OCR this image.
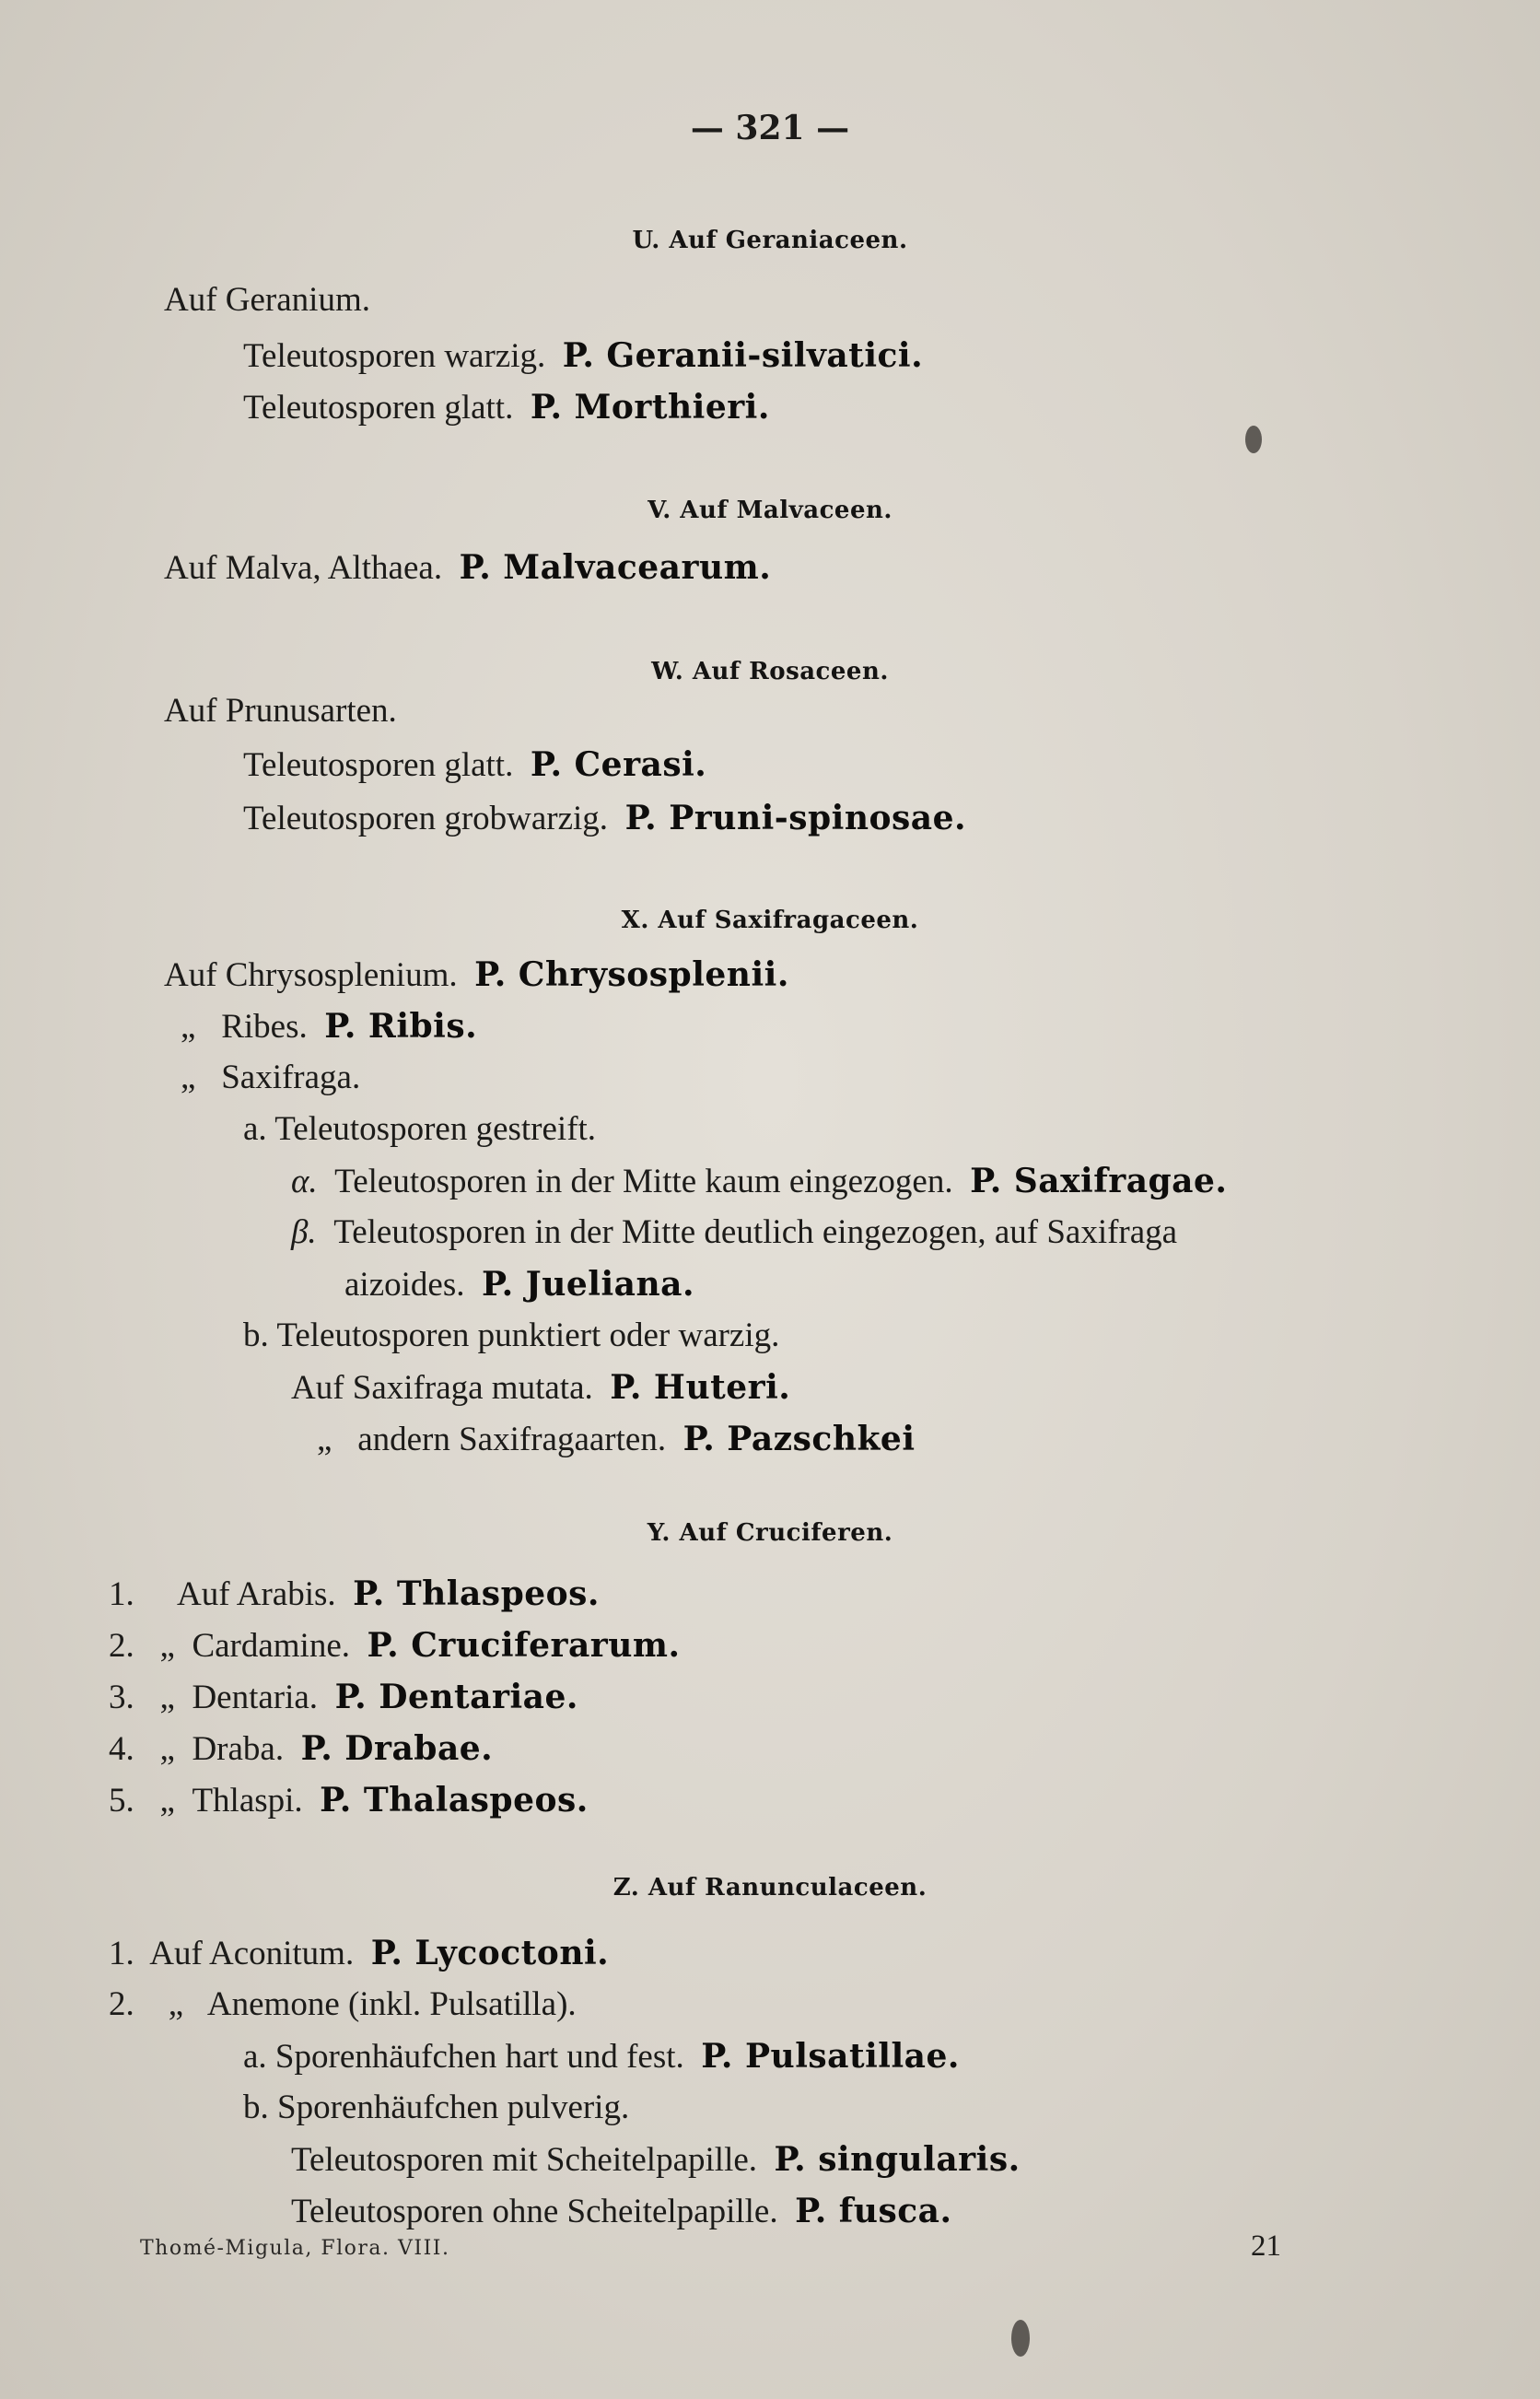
— 321 —
U. Auf Geraniaceen.
Auf Geranium.
Teleutosporen warzig. P. Geranii-silvatici.
Teleutosporen glatt. P. Morthieri.
V. Auf Malvaceen.
Auf Malva, Althaea. P. Malvacearum.
W. Auf Rosaceen.
Auf Prunusarten.
Teleutosporen glatt. P. Cerasi.
Teleutosporen grobwarzig. P. Pruni-spinosae.
X. Auf Saxifragaceen.
Auf Chrysosplenium. P. Chrysosplenii.
„ Ribes. P. Ribis.
„ Saxifraga.
a. Teleutosporen gestreift.
α. Teleutosporen in der Mitte kaum eingezogen. P. Saxifragae.
β. Teleutosporen in der Mitte deutlich eingezogen, auf Saxifraga
aizoides. P. Jueliana.
b. Teleutosporen punktiert oder warzig.
Auf Saxifraga mutata. P. Huteri.
„ andern Saxifragaarten. P. Pazschkei
Y. Auf Cruciferen.
1. Auf Arabis. P. Thlaspeos.
2. „ Cardamine. P. Cruciferarum.
3. „ Dentaria. P. Dentariae.
4. „ Draba. P. Drabae.
5. „ Thlaspi. P. Thalaspeos.
Z. Auf Ranunculaceen.
1. Auf Aconitum. P. Lycoctoni.
2. „ Anemone (inkl. Pulsatilla).
a. Sporenhäufchen hart und fest. P. Pulsatillae.
b. Sporenhäufchen pulverig.
Teleutosporen mit Scheitelpapille. P. singularis.
Teleutosporen ohne Scheitelpapille. P. fusca.
Thomé-Migula, Flora. VIII.	21
